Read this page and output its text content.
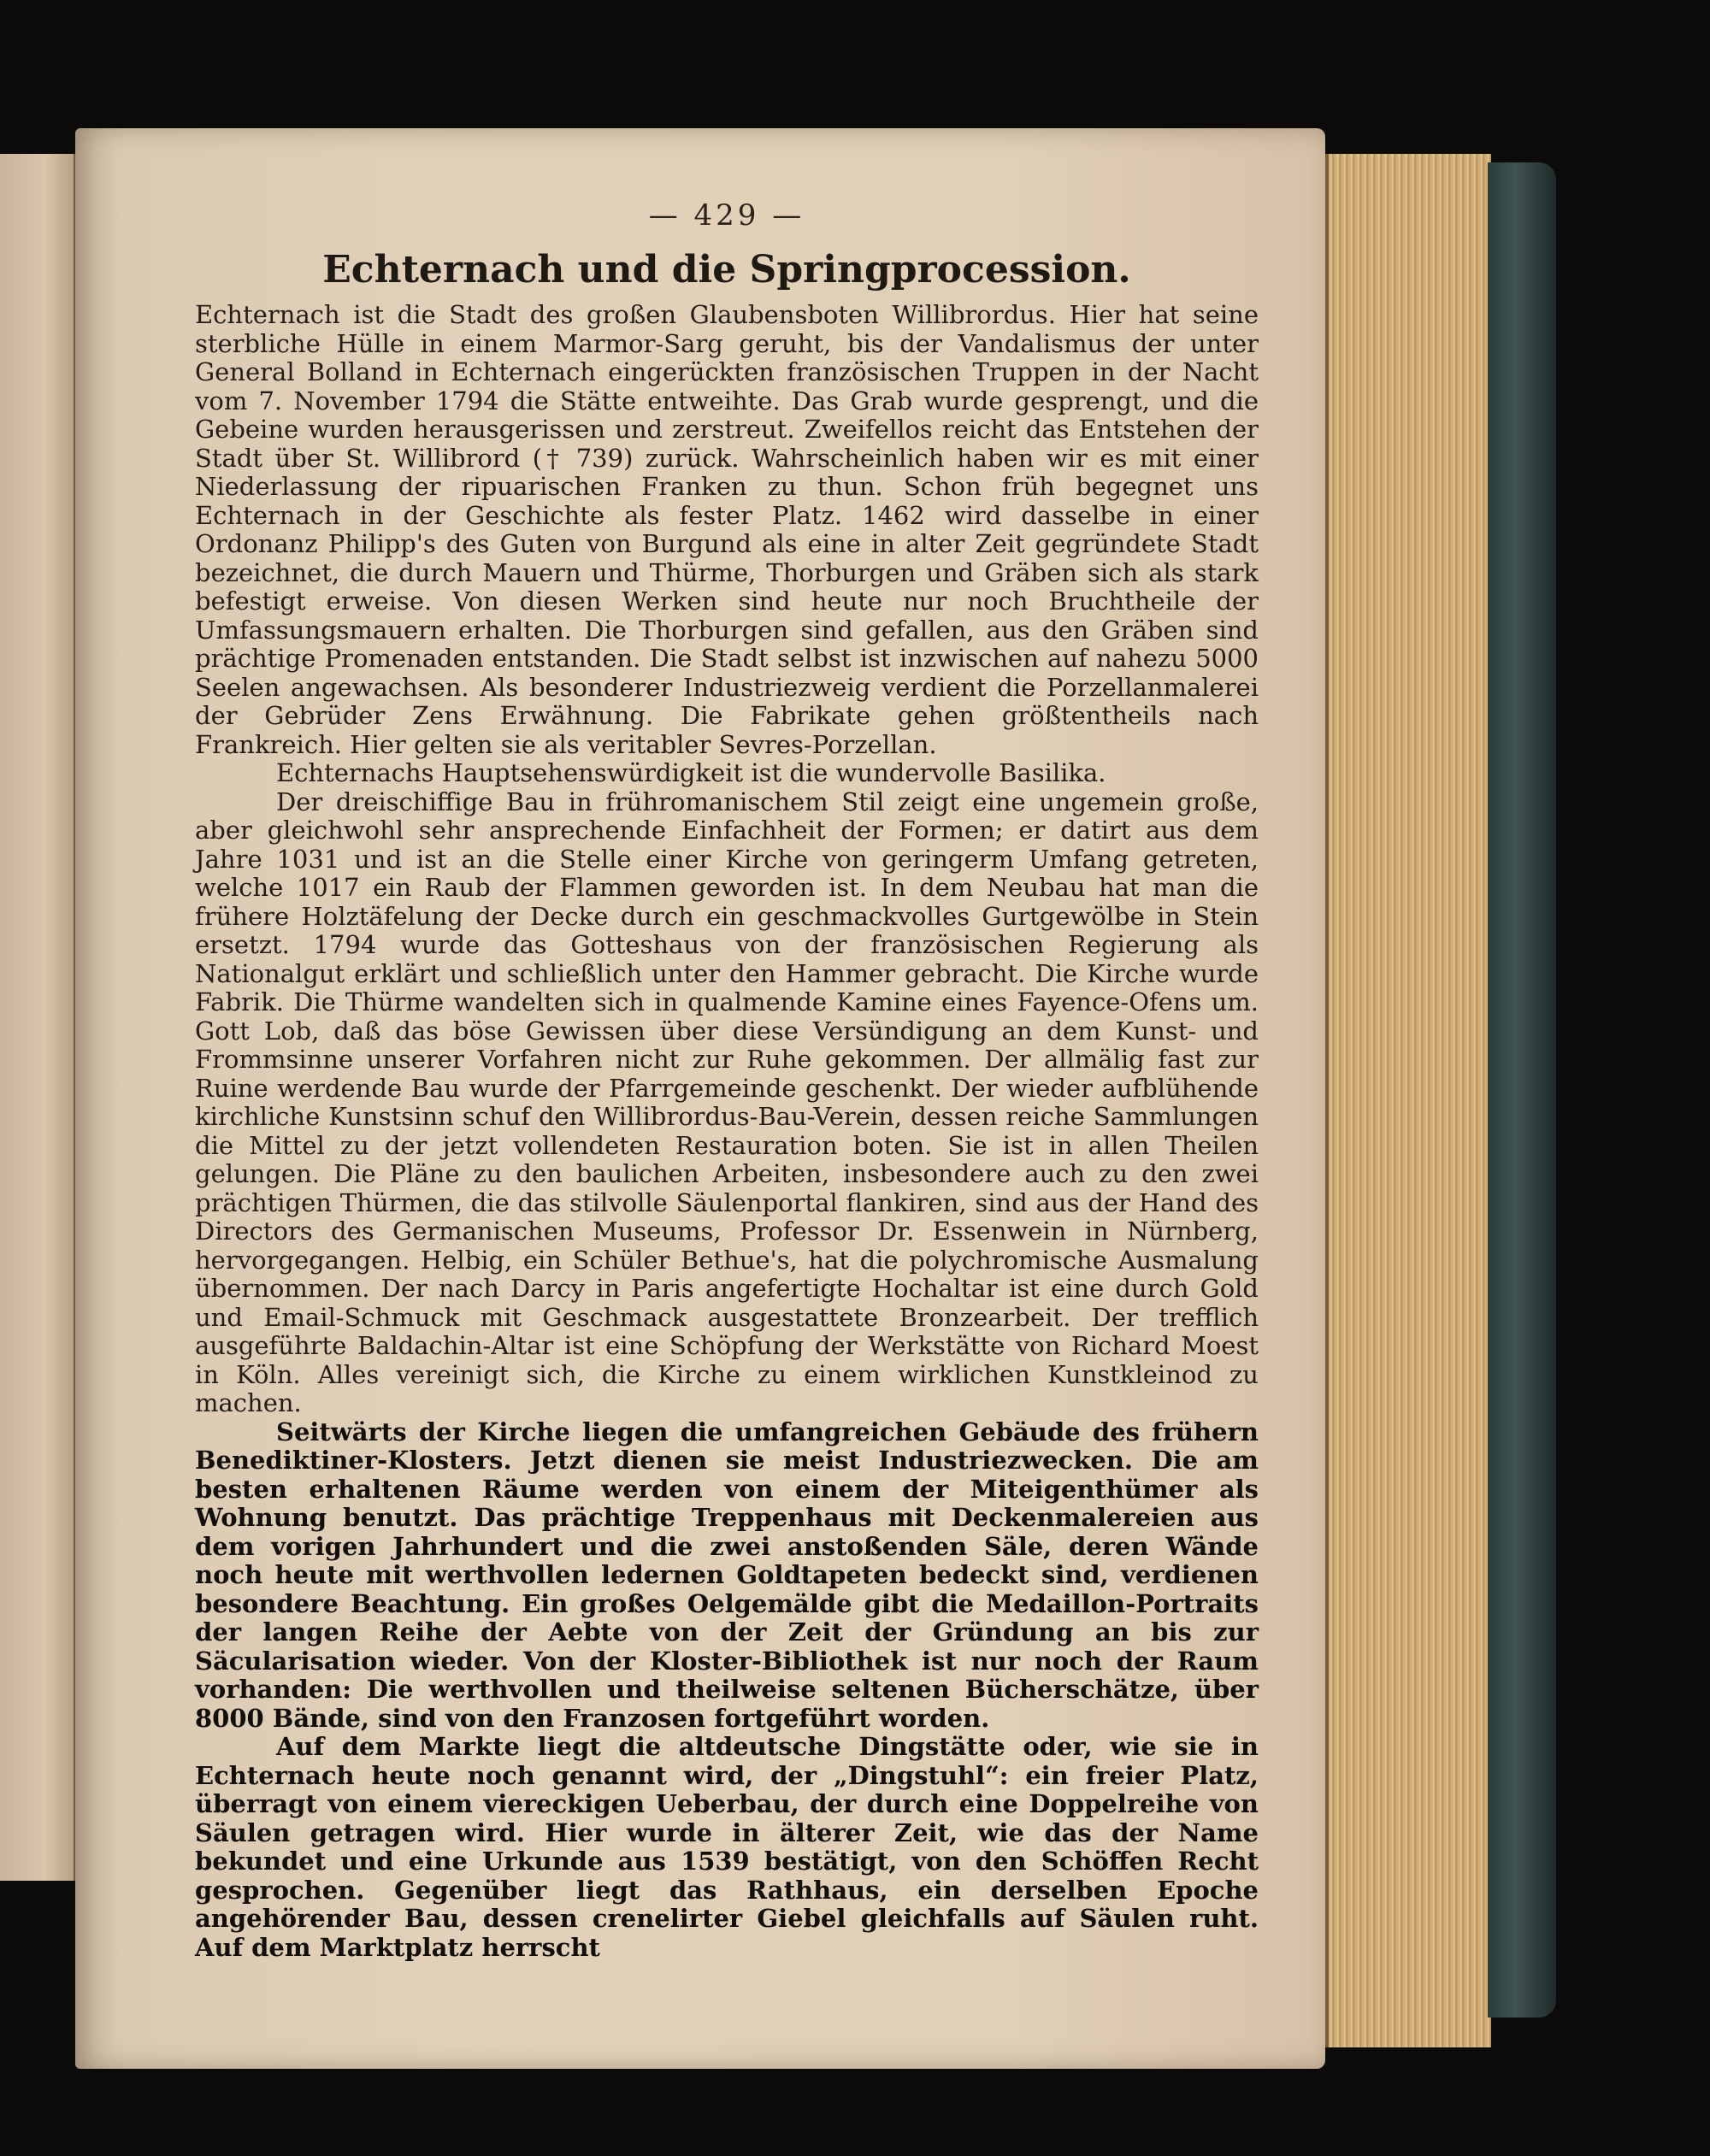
— 429 —
Echternach und die Springprocession.

Echternach ist die Stadt des großen Glaubensboten Willibrordus. Hier hat seine sterbliche Hülle in einem Marmor-Sarg geruht, bis der Vandalismus der unter General Bolland in Echternach eingerückten französischen Truppen in der Nacht vom 7. November 1794 die Stätte entweihte. Das Grab wurde gesprengt, und die Gebeine wurden herausgerissen und zerstreut. Zweifellos reicht das Entstehen der Stadt über St. Willibrord († 739) zurück. Wahrscheinlich haben wir es mit einer Niederlassung der ripuarischen Franken zu thun. Schon früh begegnet uns Echternach in der Geschichte als fester Platz. 1462 wird dasselbe in einer Ordonanz Philipp's des Guten von Burgund als eine in alter Zeit gegründete Stadt bezeichnet, die durch Mauern und Thürme, Thorburgen und Gräben sich als stark befestigt erweise. Von diesen Werken sind heute nur noch Bruchtheile der Umfassungsmauern erhalten. Die Thorburgen sind gefallen, aus den Gräben sind prächtige Promenaden entstanden. Die Stadt selbst ist inzwischen auf nahezu 5000 Seelen angewachsen. Als besonderer Industriezweig verdient die Porzellanmalerei der Gebrüder Zens Erwähnung. Die Fabrikate gehen größtentheils nach Frankreich. Hier gelten sie als veritabler Sevres-Porzellan.

Echternachs Hauptsehenswürdigkeit ist die wundervolle Basilika.

Der dreischiffige Bau in frühromanischem Stil zeigt eine ungemein große, aber gleichwohl sehr ansprechende Einfachheit der Formen; er datirt aus dem Jahre 1031 und ist an die Stelle einer Kirche von geringerm Umfang getreten, welche 1017 ein Raub der Flammen geworden ist. In dem Neubau hat man die frühere Holztäfelung der Decke durch ein geschmackvolles Gurtgewölbe in Stein ersetzt. 1794 wurde das Gotteshaus von der französischen Regierung als Nationalgut erklärt und schließlich unter den Hammer gebracht. Die Kirche wurde Fabrik. Die Thürme wandelten sich in qualmende Kamine eines Fayence-Ofens um. Gott Lob, daß das böse Gewissen über diese Versündigung an dem Kunst- und Frommsinne unserer Vorfahren nicht zur Ruhe gekommen. Der allmälig fast zur Ruine werdende Bau wurde der Pfarrgemeinde geschenkt. Der wieder aufblühende kirchliche Kunstsinn schuf den Willibrordus-Bau-Verein, dessen reiche Sammlungen die Mittel zu der jetzt vollendeten Restauration boten. Sie ist in allen Theilen gelungen. Die Pläne zu den baulichen Arbeiten, insbesondere auch zu den zwei prächtigen Thürmen, die das stilvolle Säulenportal flankiren, sind aus der Hand des Directors des Germanischen Museums, Professor Dr. Essenwein in Nürnberg, hervorgegangen. Helbig, ein Schüler Bethue's, hat die polychromische Ausmalung übernommen. Der nach Darcy in Paris angefertigte Hochaltar ist eine durch Gold und Email-Schmuck mit Geschmack ausgestattete Bronzearbeit. Der trefflich ausgeführte Baldachin-Altar ist eine Schöpfung der Werkstätte von Richard Moest in Köln. Alles vereinigt sich, die Kirche zu einem wirklichen Kunstkleinod zu machen.

Seitwärts der Kirche liegen die umfangreichen Gebäude des frühern Benediktiner-Klosters. Jetzt dienen sie meist Industriezwecken. Die am besten erhaltenen Räume werden von einem der Miteigenthümer als Wohnung benutzt. Das prächtige Treppenhaus mit Deckenmalereien aus dem vorigen Jahrhundert und die zwei anstoßenden Säle, deren Wände noch heute mit werthvollen ledernen Goldtapeten bedeckt sind, verdienen besondere Beachtung. Ein großes Oelgemälde gibt die Medaillon-Portraits der langen Reihe der Aebte von der Zeit der Gründung an bis zur Säcularisation wieder. Von der Kloster-Bibliothek ist nur noch der Raum vorhanden: Die werthvollen und theilweise seltenen Bücherschätze, über 8000 Bände, sind von den Franzosen fortgeführt worden.

Auf dem Markte liegt die altdeutsche Dingstätte oder, wie sie in Echternach heute noch genannt wird, der „Dingstuhl“: ein freier Platz, überragt von einem viereckigen Ueberbau, der durch eine Doppelreihe von Säulen getragen wird. Hier wurde in älterer Zeit, wie das der Name bekundet und eine Urkunde aus 1539 bestätigt, von den Schöffen Recht gesprochen. Gegenüber liegt das Rathhaus, ein derselben Epoche angehörender Bau, dessen crenelirter Giebel gleichfalls auf Säulen ruht. Auf dem Marktplatz herrscht
